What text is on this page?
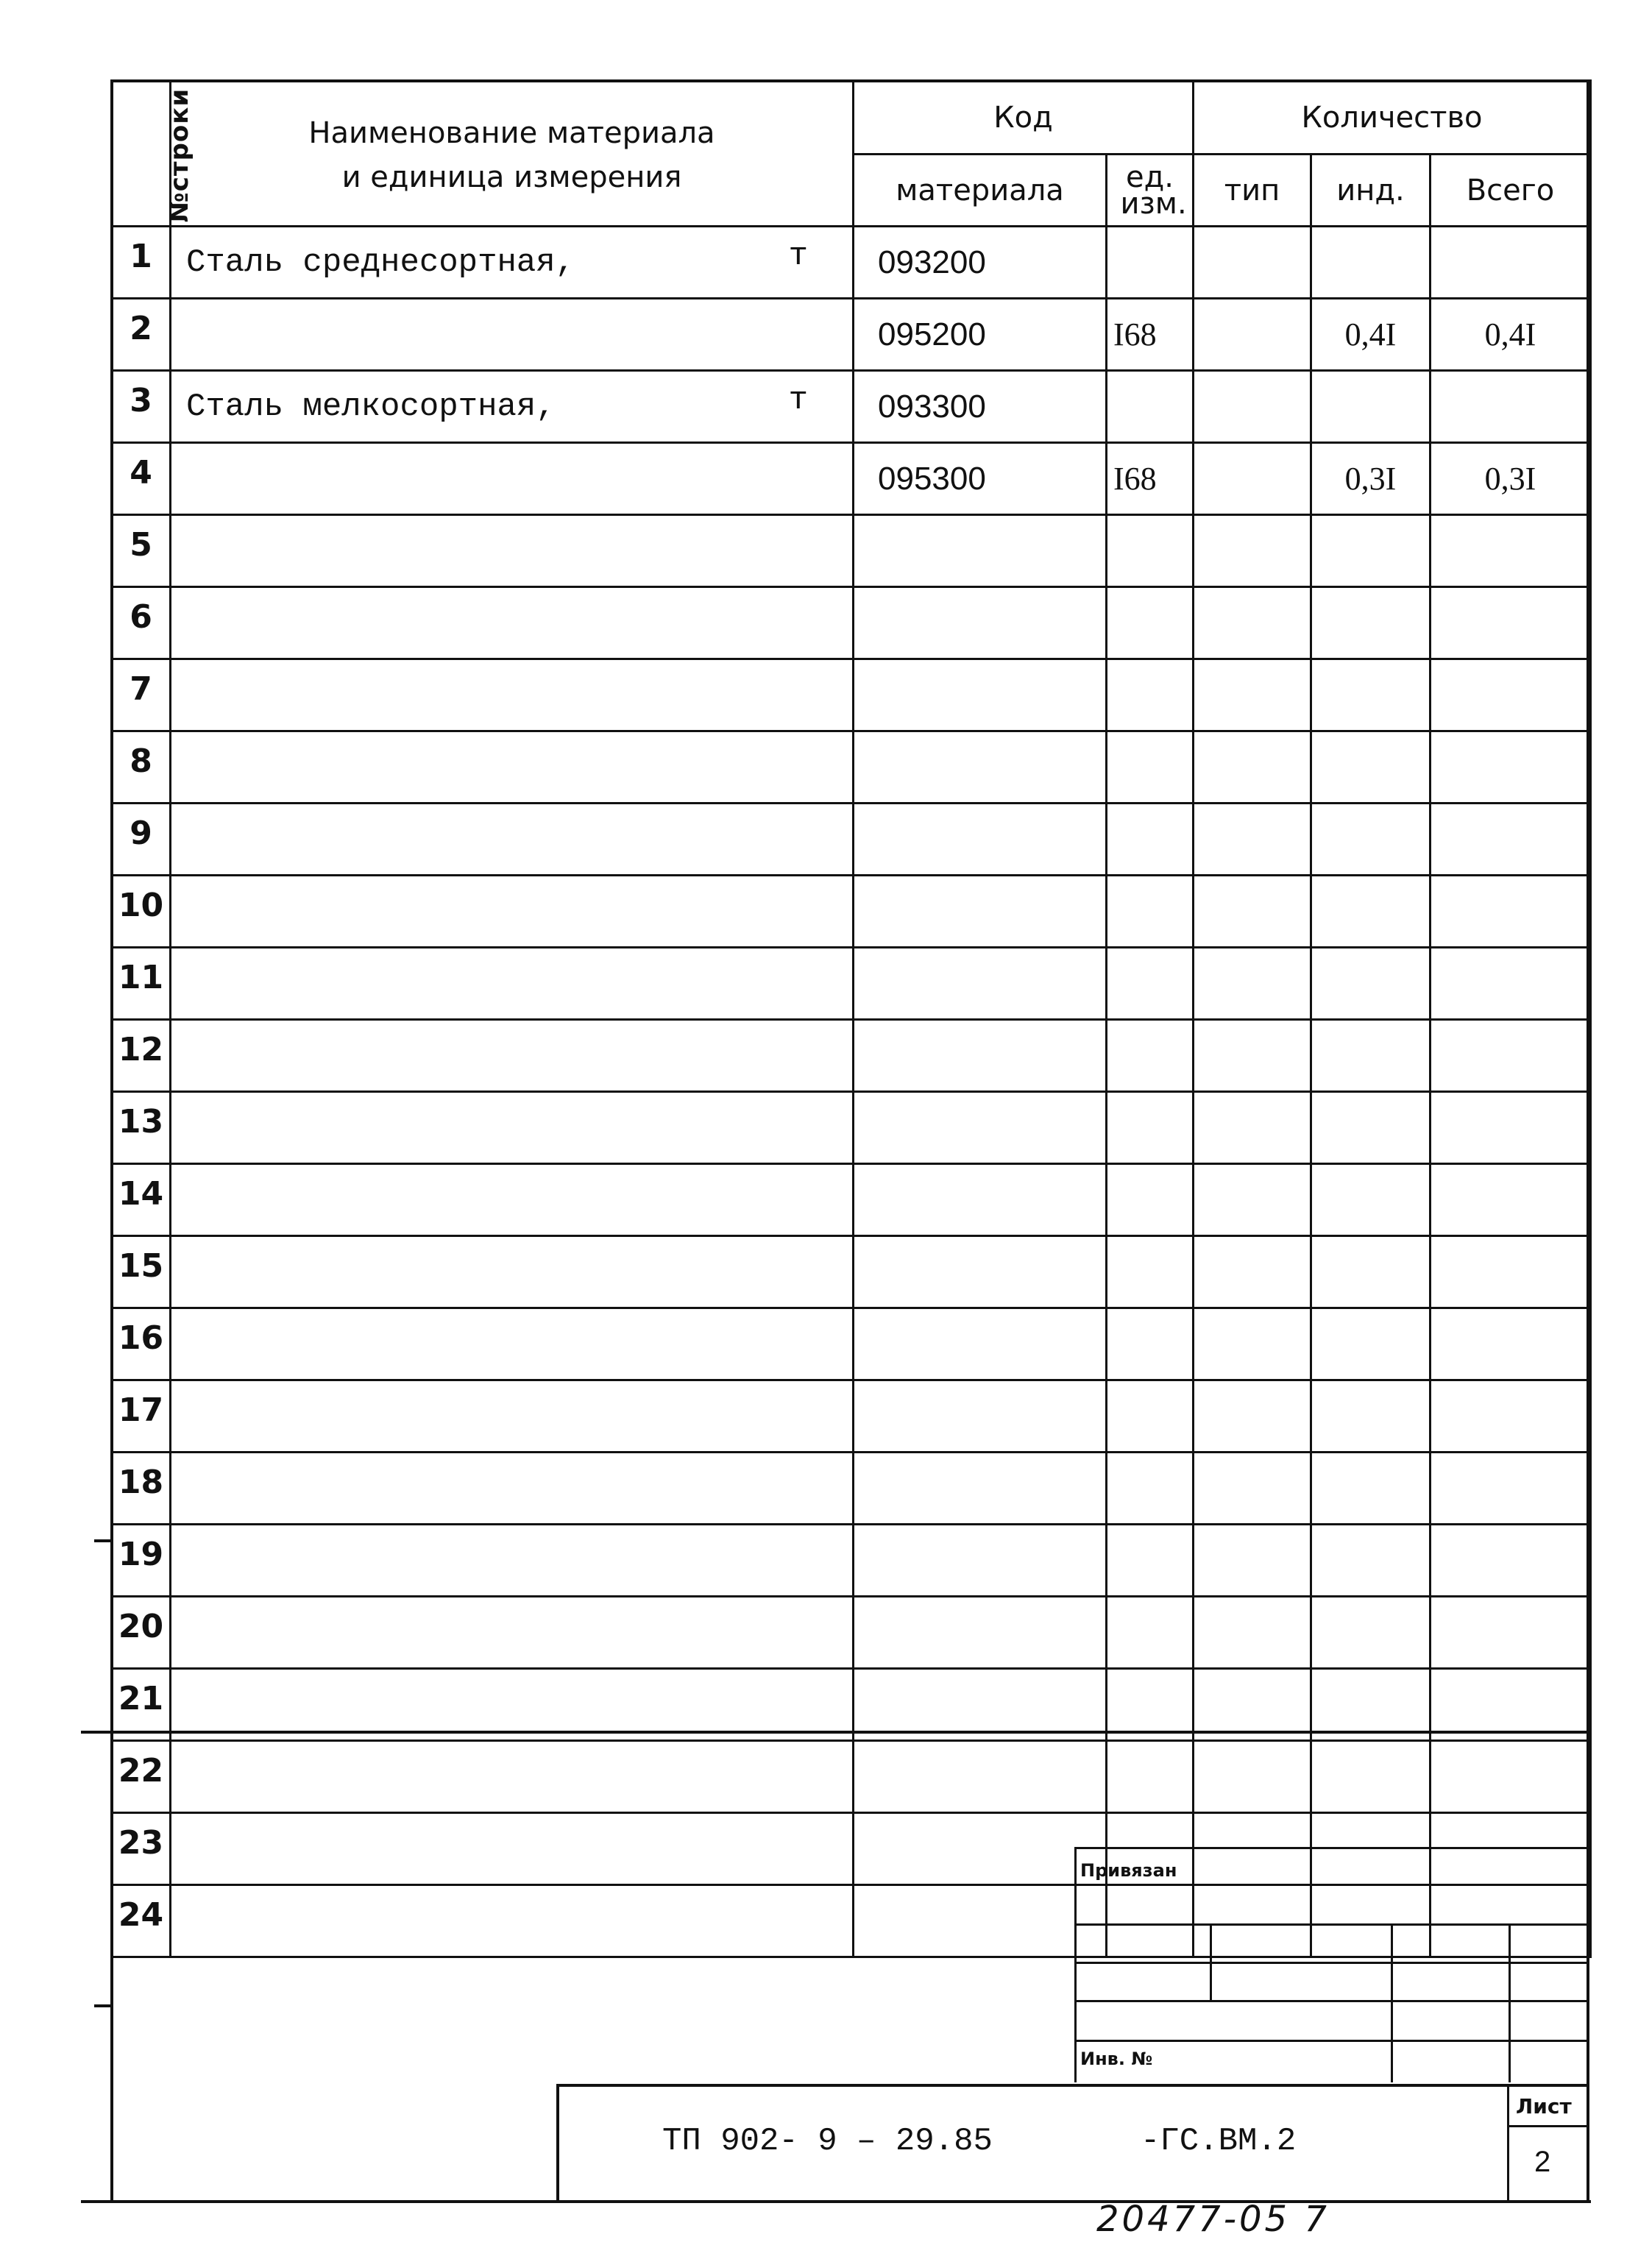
№строки	Наименование материала
и единица измерения	Код		Количество		
		материала	ед. изм.	тип	инд.	Всего
1	Сталь среднесортная, т	093200				
2		095200	I68		0,4I	0,4I
3	Сталь мелкосортная, т	093300				
4		095300	I68		0,3I	0,3I
5	

6	

7	

8	

9	

10	

11	

12	

13	

14	

15	

16	

17	

18	

19	

20	

21	

22	

23	

24	

Привязан
Инв. №
ТП 902- 9 – 29.85	-ГС.ВМ.2
Лист
2
20477-05 7
